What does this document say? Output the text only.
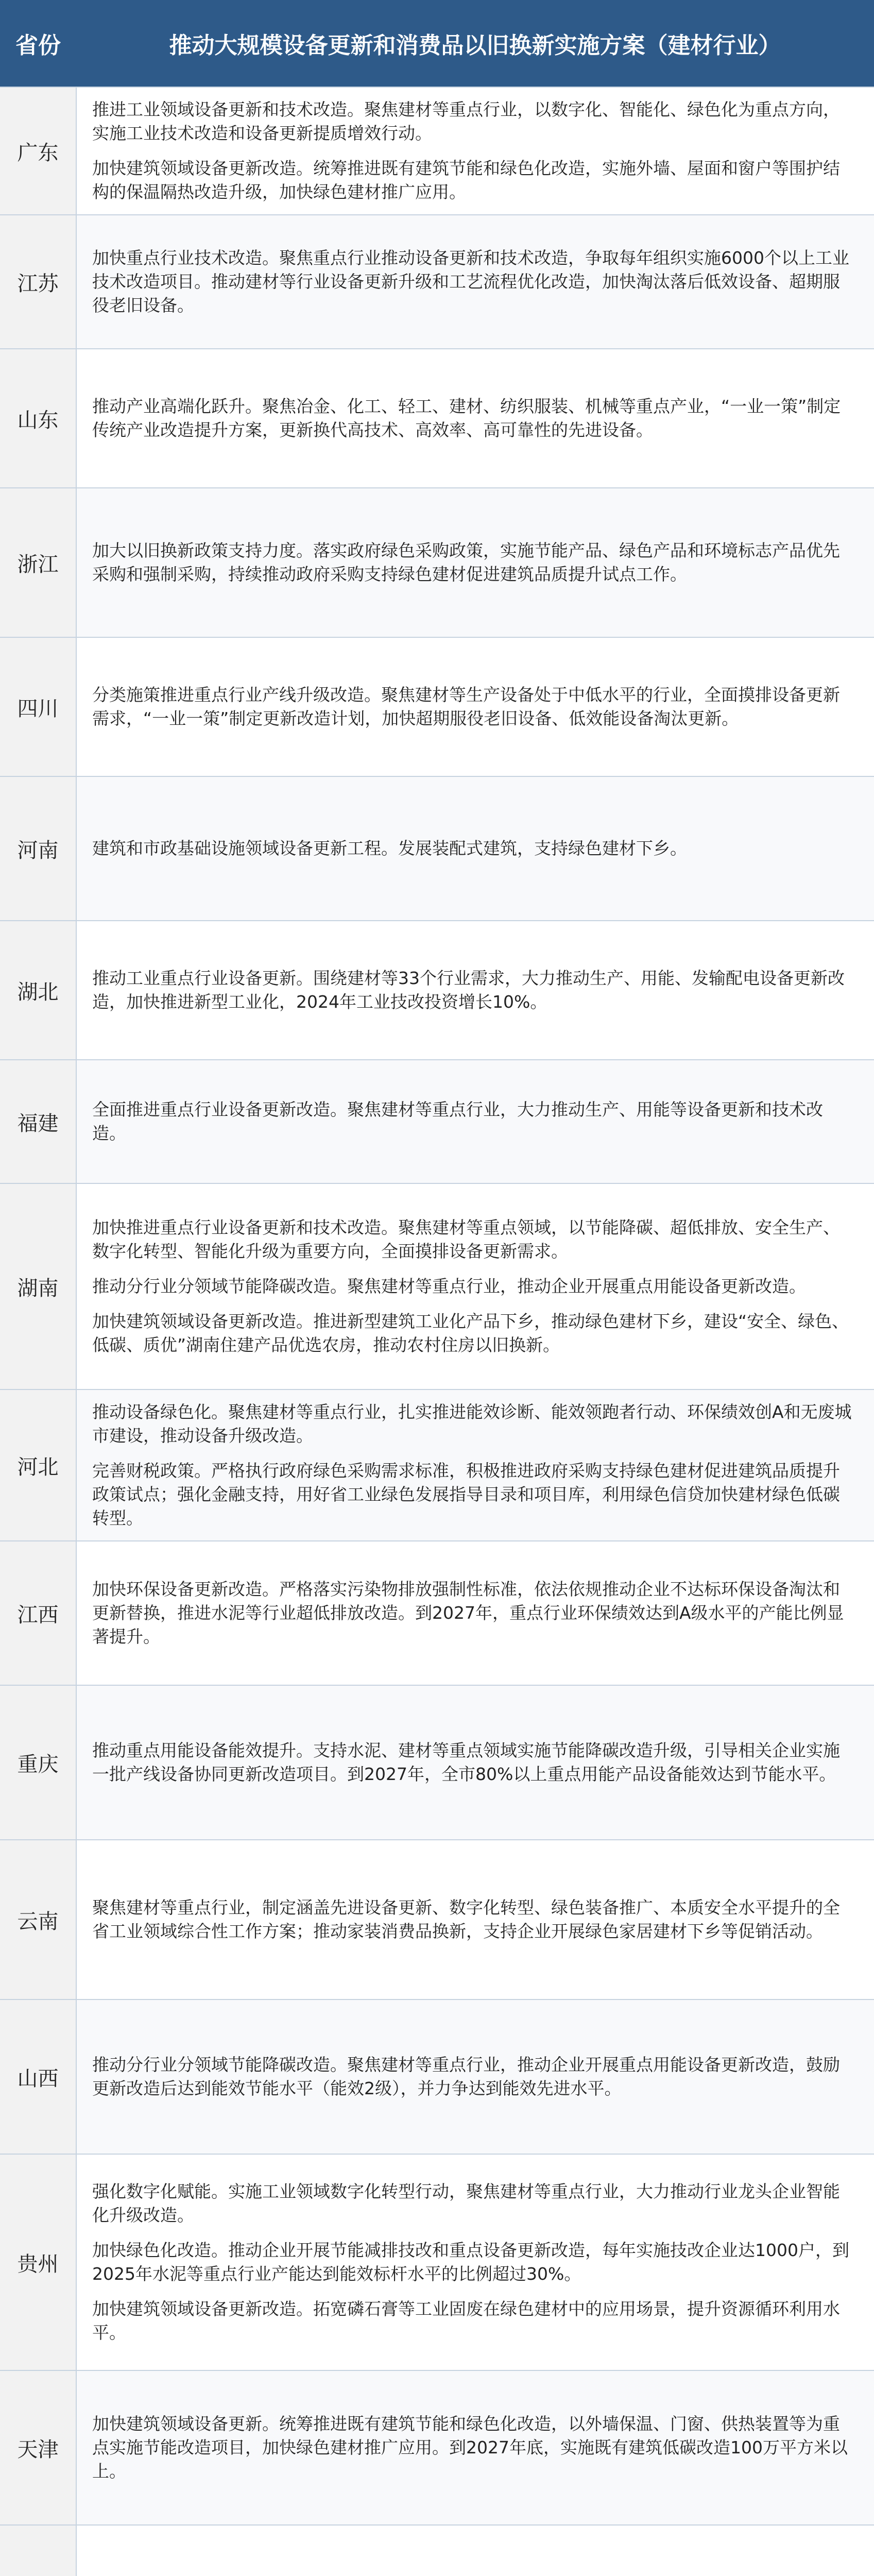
省份	推动大规模设备更新和消费品以旧换新实施方案（建材行业）
广东	推进工业领域设备更新和技术改造。聚焦建材等重点行业，以数字化、智能化、绿色化为重点方向，实施工业技术改造和设备更新提质增效行动。

加快建筑领域设备更新改造。统筹推进既有建筑节能和绿色化改造，实施外墙、屋面和窗户等围护结构的保温隔热改造升级，加快绿色建材推广应用。

江苏	加快重点行业技术改造。聚焦重点行业推动设备更新和技术改造，争取每年组织实施6000个以上工业技术改造项目。推动建材等行业设备更新升级和工艺流程优化改造，加快淘汰落后低效设备、超期服役老旧设备。

山东	推动产业高端化跃升。聚焦冶金、化工、轻工、建材、纺织服装、机械等重点产业，“一业一策”制定传统产业改造提升方案，更新换代高技术、高效率、高可靠性的先进设备。

浙江	加大以旧换新政策支持力度。落实政府绿色采购政策，实施节能产品、绿色产品和环境标志产品优先采购和强制采购，持续推动政府采购支持绿色建材促进建筑品质提升试点工作。

四川	分类施策推进重点行业产线升级改造。聚焦建材等生产设备处于中低水平的行业，全面摸排设备更新需求，“一业一策”制定更新改造计划，加快超期服役老旧设备、低效能设备淘汰更新。

河南	建筑和市政基础设施领域设备更新工程。发展装配式建筑，支持绿色建材下乡。

湖北	推动工业重点行业设备更新。围绕建材等33个行业需求，大力推动生产、用能、发输配电设备更新改造，加快推进新型工业化，2024年工业技改投资增长10%。

福建	全面推进重点行业设备更新改造。聚焦建材等重点行业，大力推动生产、用能等设备更新和技术改造。

湖南	加快推进重点行业设备更新和技术改造。聚焦建材等重点领域，以节能降碳、超低排放、安全生产、数字化转型、智能化升级为重要方向，全面摸排设备更新需求。

推动分行业分领域节能降碳改造。聚焦建材等重点行业，推动企业开展重点用能设备更新改造。

加快建筑领域设备更新改造。推进新型建筑工业化产品下乡，推动绿色建材下乡，建设“安全、绿色、低碳、质优”湖南住建产品优选农房，推动农村住房以旧换新。

河北	推动设备绿色化。聚焦建材等重点行业，扎实推进能效诊断、能效领跑者行动、环保绩效创A和无废城市建设，推动设备升级改造。

完善财税政策。严格执行政府绿色采购需求标准，积极推进政府采购支持绿色建材促进建筑品质提升政策试点；强化金融支持，用好省工业绿色发展指导目录和项目库，利用绿色信贷加快建材绿色低碳转型。

江西	加快环保设备更新改造。严格落实污染物排放强制性标准，依法依规推动企业不达标环保设备淘汰和更新替换，推进水泥等行业超低排放改造。到2027年，重点行业环保绩效达到A级水平的产能比例显著提升。

重庆	推动重点用能设备能效提升。支持水泥、建材等重点领域实施节能降碳改造升级，引导相关企业实施一批产线设备协同更新改造项目。到2027年，全市80%以上重点用能产品设备能效达到节能水平。

云南	聚焦建材等重点行业，制定涵盖先进设备更新、数字化转型、绿色装备推广、本质安全水平提升的全省工业领域综合性工作方案；推动家装消费品换新，支持企业开展绿色家居建材下乡等促销活动。

山西	推动分行业分领域节能降碳改造。聚焦建材等重点行业，推动企业开展重点用能设备更新改造，鼓励更新改造后达到能效节能水平（能效2级），并力争达到能效先进水平。

贵州	强化数字化赋能。实施工业领域数字化转型行动，聚焦建材等重点行业，大力推动行业龙头企业智能化升级改造。

加快绿色化改造。推动企业开展节能减排技改和重点设备更新改造，每年实施技改企业达1000户，到2025年水泥等重点行业产能达到能效标杆水平的比例超过30%。

加快建筑领域设备更新改造。拓宽磷石膏等工业固废在绿色建材中的应用场景，提升资源循环利用水平。

天津	加快建筑领域设备更新。统筹推进既有建筑节能和绿色化改造，以外墙保温、门窗、供热装置等为重点实施节能改造项目，加快绿色建材推广应用。到2027年底，实施既有建筑低碳改造100万平方米以上。
